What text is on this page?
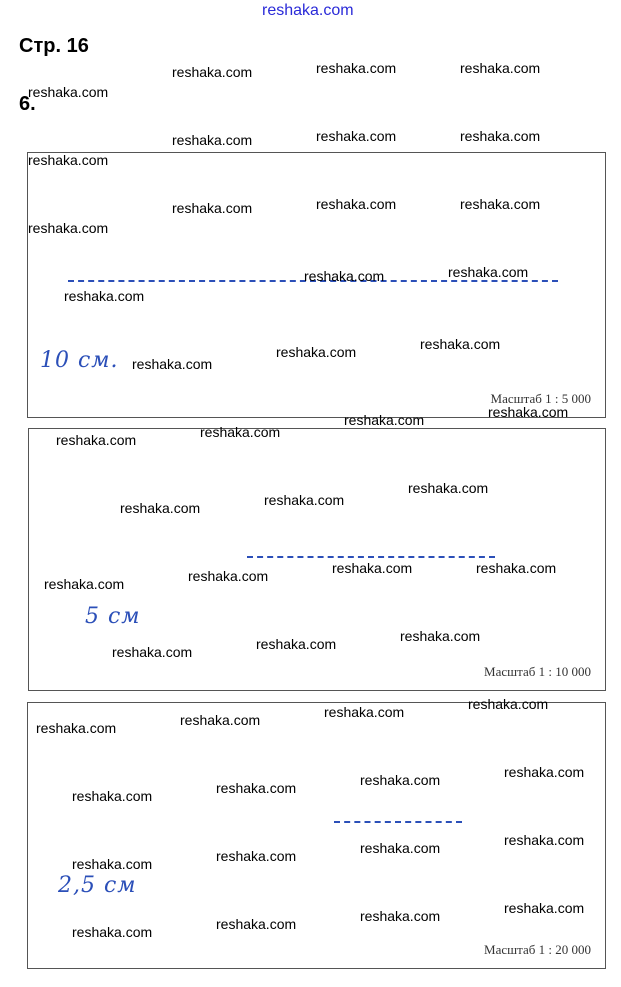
reshaka.com
Стр. 16
6.
10 см.
Масштаб 1 : 5 000
5 см
Масштаб 1 : 10 000
2,5 см
Масштаб 1 : 20 000
reshaka.com	reshaka.com	reshaka.com
reshaka.com
reshaka.com	reshaka.com	reshaka.com
reshaka.com
reshaka.com	reshaka.com	reshaka.com
reshaka.com
reshaka.com	reshaka.com
reshaka.com
reshaka.com
reshaka.com	reshaka.com
reshaka.com
reshaka.com
reshaka.com
reshaka.com
reshaka.com	reshaka.com
reshaka.com
reshaka.com	reshaka.com	reshaka.com	reshaka.com
reshaka.com	reshaka.com	reshaka.com
reshaka.com
reshaka.com
reshaka.com
reshaka.com
reshaka.com
reshaka.com
reshaka.com
reshaka.com
reshaka.com
reshaka.com
reshaka.com
reshaka.com
reshaka.com
reshaka.com
reshaka.com
reshaka.com
